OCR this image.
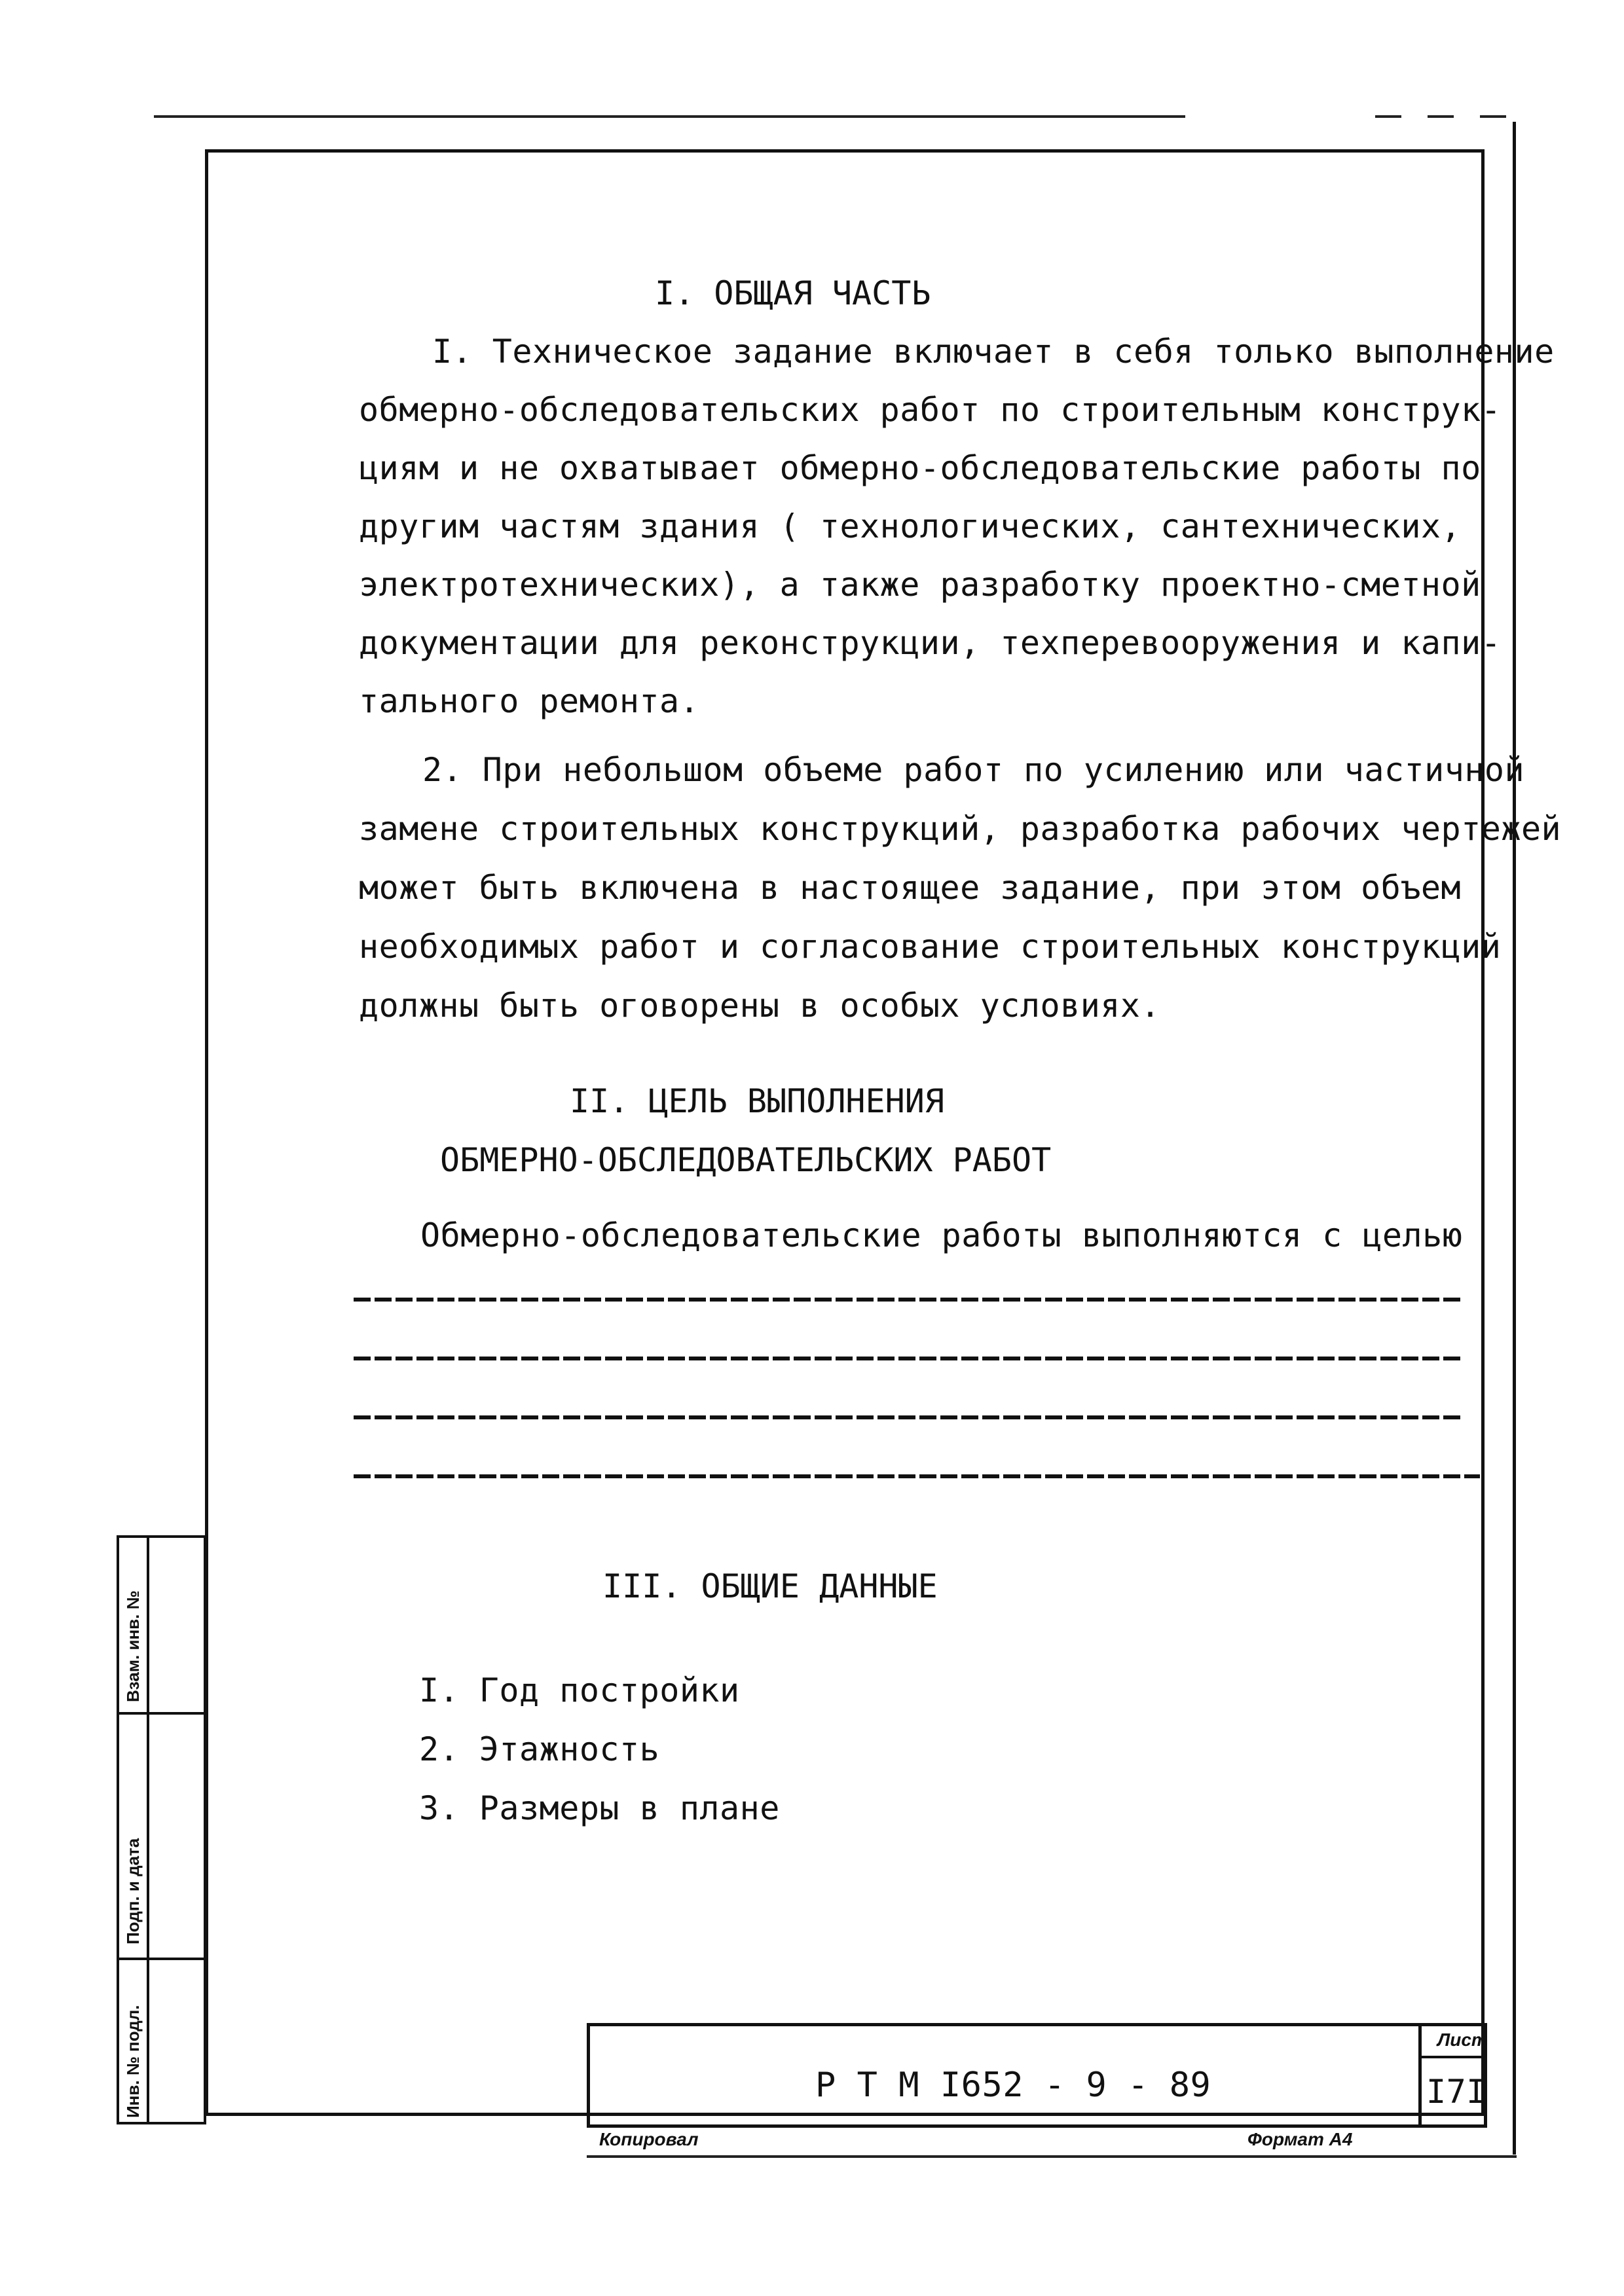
I. ОБЩАЯ ЧАСТЬ
I. Техническое задание включает в себя только выполнение
обмерно-обследовательских работ по строительным конструк-
циям и не охватывает обмерно-обследовательские работы по
другим частям здания ( технологических, сантехнических,
электротехнических), а также разработку проектно-сметной
документации для реконструкции, техперевооружения и капи-
тального ремонта.
2. При небольшом объеме работ по усилению или частичной
замене строительных конструкций, разработка рабочих чертежей
может быть включена в настоящее задание, при этом объем
необходимых работ и согласование строительных конструкций
должны быть оговорены в особых условиях.
II. ЦЕЛЬ ВЫПОЛНЕНИЯ
ОБМЕРНО-ОБСЛЕДОВАТЕЛЬСКИХ РАБОТ
Обмерно-обследовательские работы выполняются с целью
III. ОБЩИЕ ДАННЫЕ
I. Год постройки
2. Этажность
3. Размеры в плане
Взам. инв. №
Подп. и дата
Инв. № подл.	Р Т М I652 - 9 - 89
Лист
I7I
Копировал	Формат А4
